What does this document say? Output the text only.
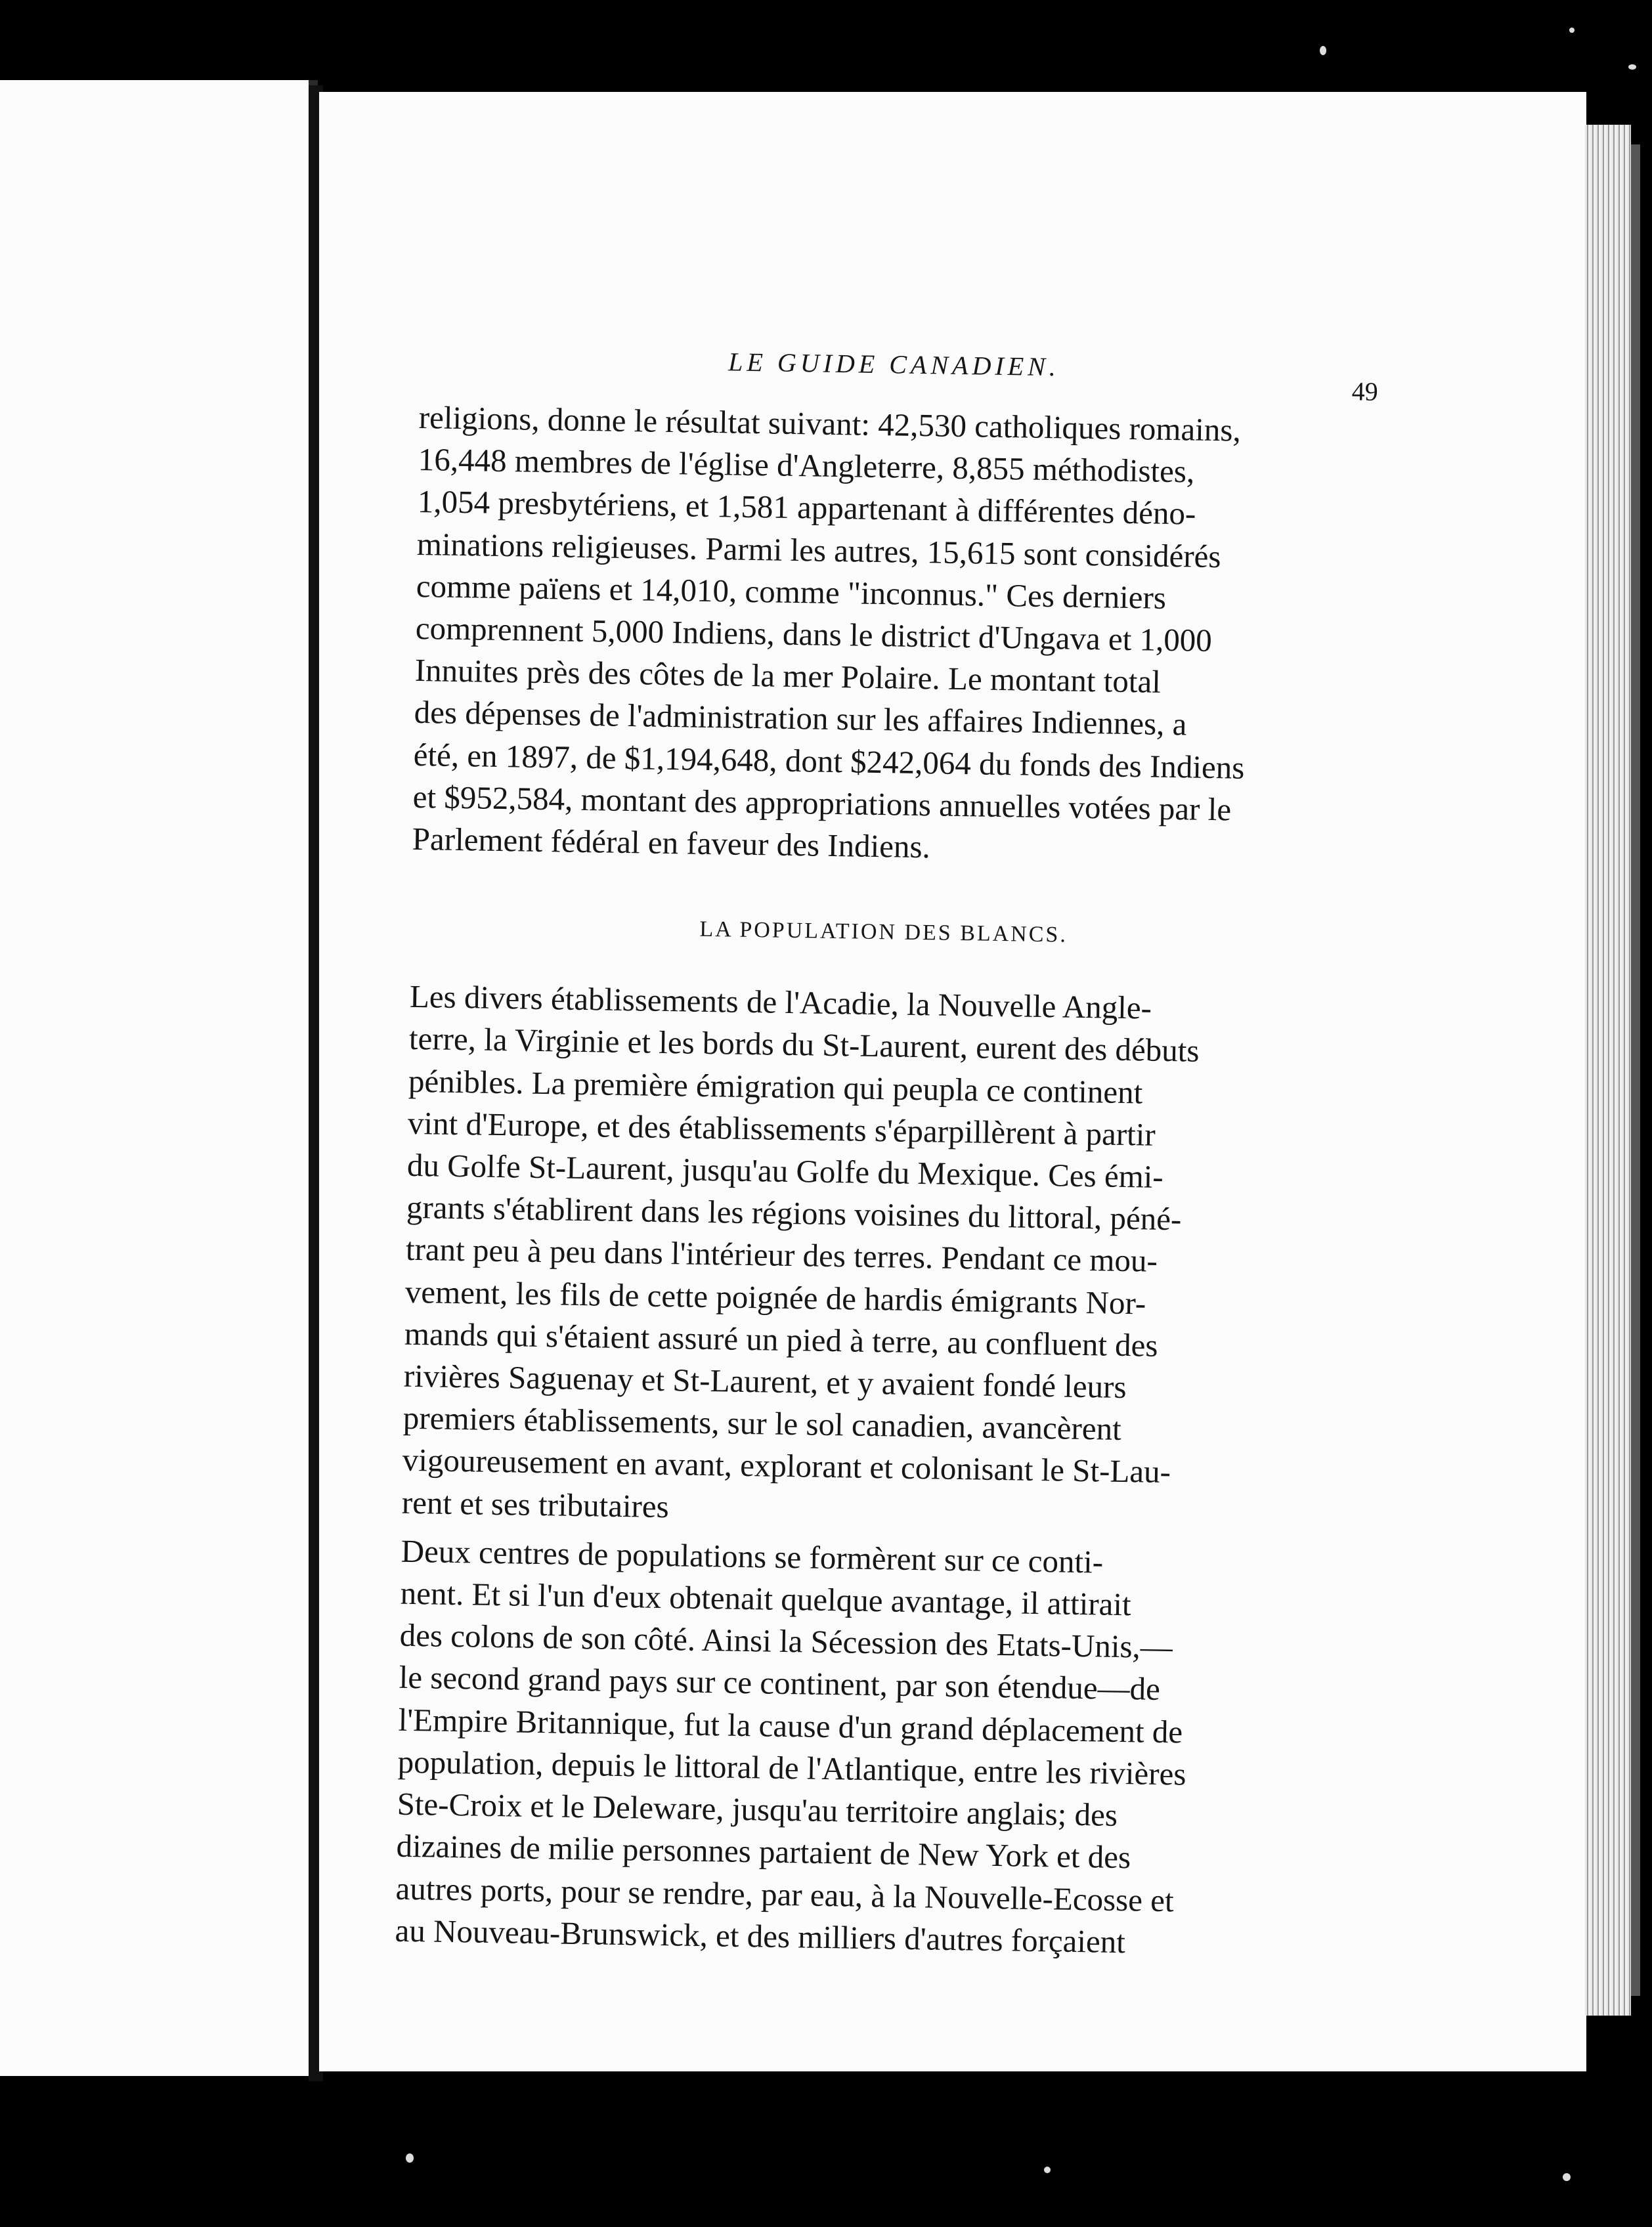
LE GUIDE CANADIEN.
49

religions, donne le résultat suivant: 42,530 catholiques romains,
16,448 membres de l'église d'Angleterre, 8,855 méthodistes,
1,054 presbytériens, et 1,581 appartenant à différentes déno-
minations religieuses. Parmi les autres, 15,615 sont considérés
comme païens et 14,010, comme "inconnus." Ces derniers
comprennent 5,000 Indiens, dans le district d'Ungava et 1,000
Innuites près des côtes de la mer Polaire. Le montant total
des dépenses de l'administration sur les affaires Indiennes, a
été, en 1897, de $1,194,648, dont $242,064 du fonds des Indiens
et $952,584, montant des appropriations annuelles votées par le
Parlement fédéral en faveur des Indiens.

LA POPULATION DES BLANCS.

Les divers établissements de l'Acadie, la Nouvelle Angle-
terre, la Virginie et les bords du St-Laurent, eurent des débuts
pénibles. La première émigration qui peupla ce continent
vint d'Europe, et des établissements s'éparpillèrent à partir
du Golfe St-Laurent, jusqu'au Golfe du Mexique. Ces émi-
grants s'établirent dans les régions voisines du littoral, péné-
trant peu à peu dans l'intérieur des terres. Pendant ce mou-
vement, les fils de cette poignée de hardis émigrants Nor-
mands qui s'étaient assuré un pied à terre, au confluent des
rivières Saguenay et St-Laurent, et y avaient fondé leurs
premiers établissements, sur le sol canadien, avancèrent
vigoureusement en avant, explorant et colonisant le St-Lau-
rent et ses tributaires

Deux centres de populations se formèrent sur ce conti-
nent. Et si l'un d'eux obtenait quelque avantage, il attirait
des colons de son côté. Ainsi la Sécession des Etats-Unis,—
le second grand pays sur ce continent, par son étendue—de
l'Empire Britannique, fut la cause d'un grand déplacement de
population, depuis le littoral de l'Atlantique, entre les rivières
Ste-Croix et le Deleware, jusqu'au territoire anglais; des
dizaines de milie personnes partaient de New York et des
autres ports, pour se rendre, par eau, à la Nouvelle-Ecosse et
au Nouveau-Brunswick, et des milliers d'autres forçaient
